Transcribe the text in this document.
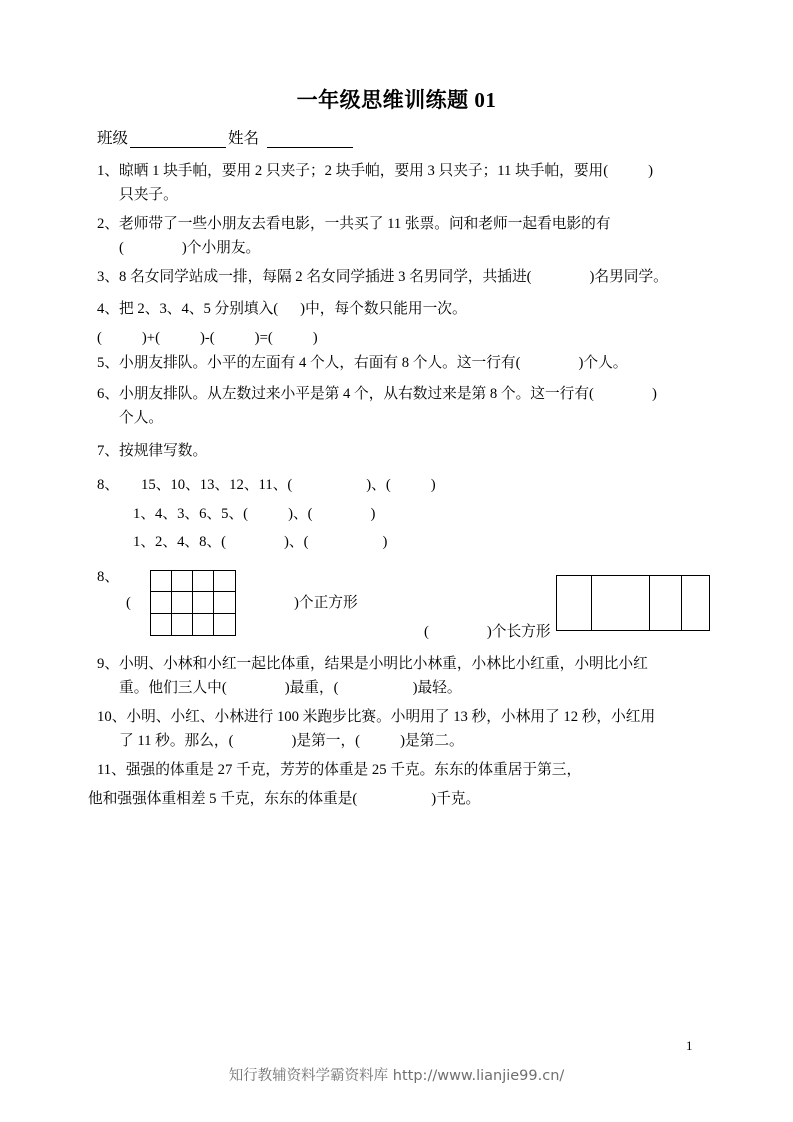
一年级思维训练题 01
班级	姓名
1、晾晒 1 块手帕，要用 2 只夹子；2 块手帕，要用 3 只夹子；11 块手帕，要用(	)
只夹子。
2、老师带了一些小朋友去看电影，一共买了 11 张票。问和老师一起看电影的有
(	)个小朋友。
3、8 名女同学站成一排，每隔 2 名女同学插进 3 名男同学，共插进(	)名男同学。
4、把 2、3、4、5 分别填入( )中，每个数只能用一次。
(	)+(	)-(	)=(	)
5、小朋友排队。小平的左面有 4 个人，右面有 8 个人。这一行有(	)个人。
6、小朋友排队。从左数过来小平是第 4 个，从右数过来是第 8 个。这一行有(	)
个人。
7、按规律写数。
8、 15、10、13、12、11、(	)、(	)
1、4、3、6、5、(	)、(	)
1、2、4、8、(	)、(	)
8、
(	)个正方形
(	)个长方形
9、小明、小林和小红一起比体重，结果是小明比小林重，小林比小红重，小明比小红
重。他们三人中(	)最重，(	)最轻。
10、小明、小红、小林进行 100 米跑步比赛。小明用了 13 秒，小林用了 12 秒，小红用
了 11 秒。那么，(	)是第一，(	)是第二。
11、强强的体重是 27 千克，芳芳的体重是 25 千克。东东的体重居于第三，
他和强强体重相差 5 千克，东东的体重是(	)千克。
1
知行教辅资料学霸资料库 http://www.lianjie99.cn/
